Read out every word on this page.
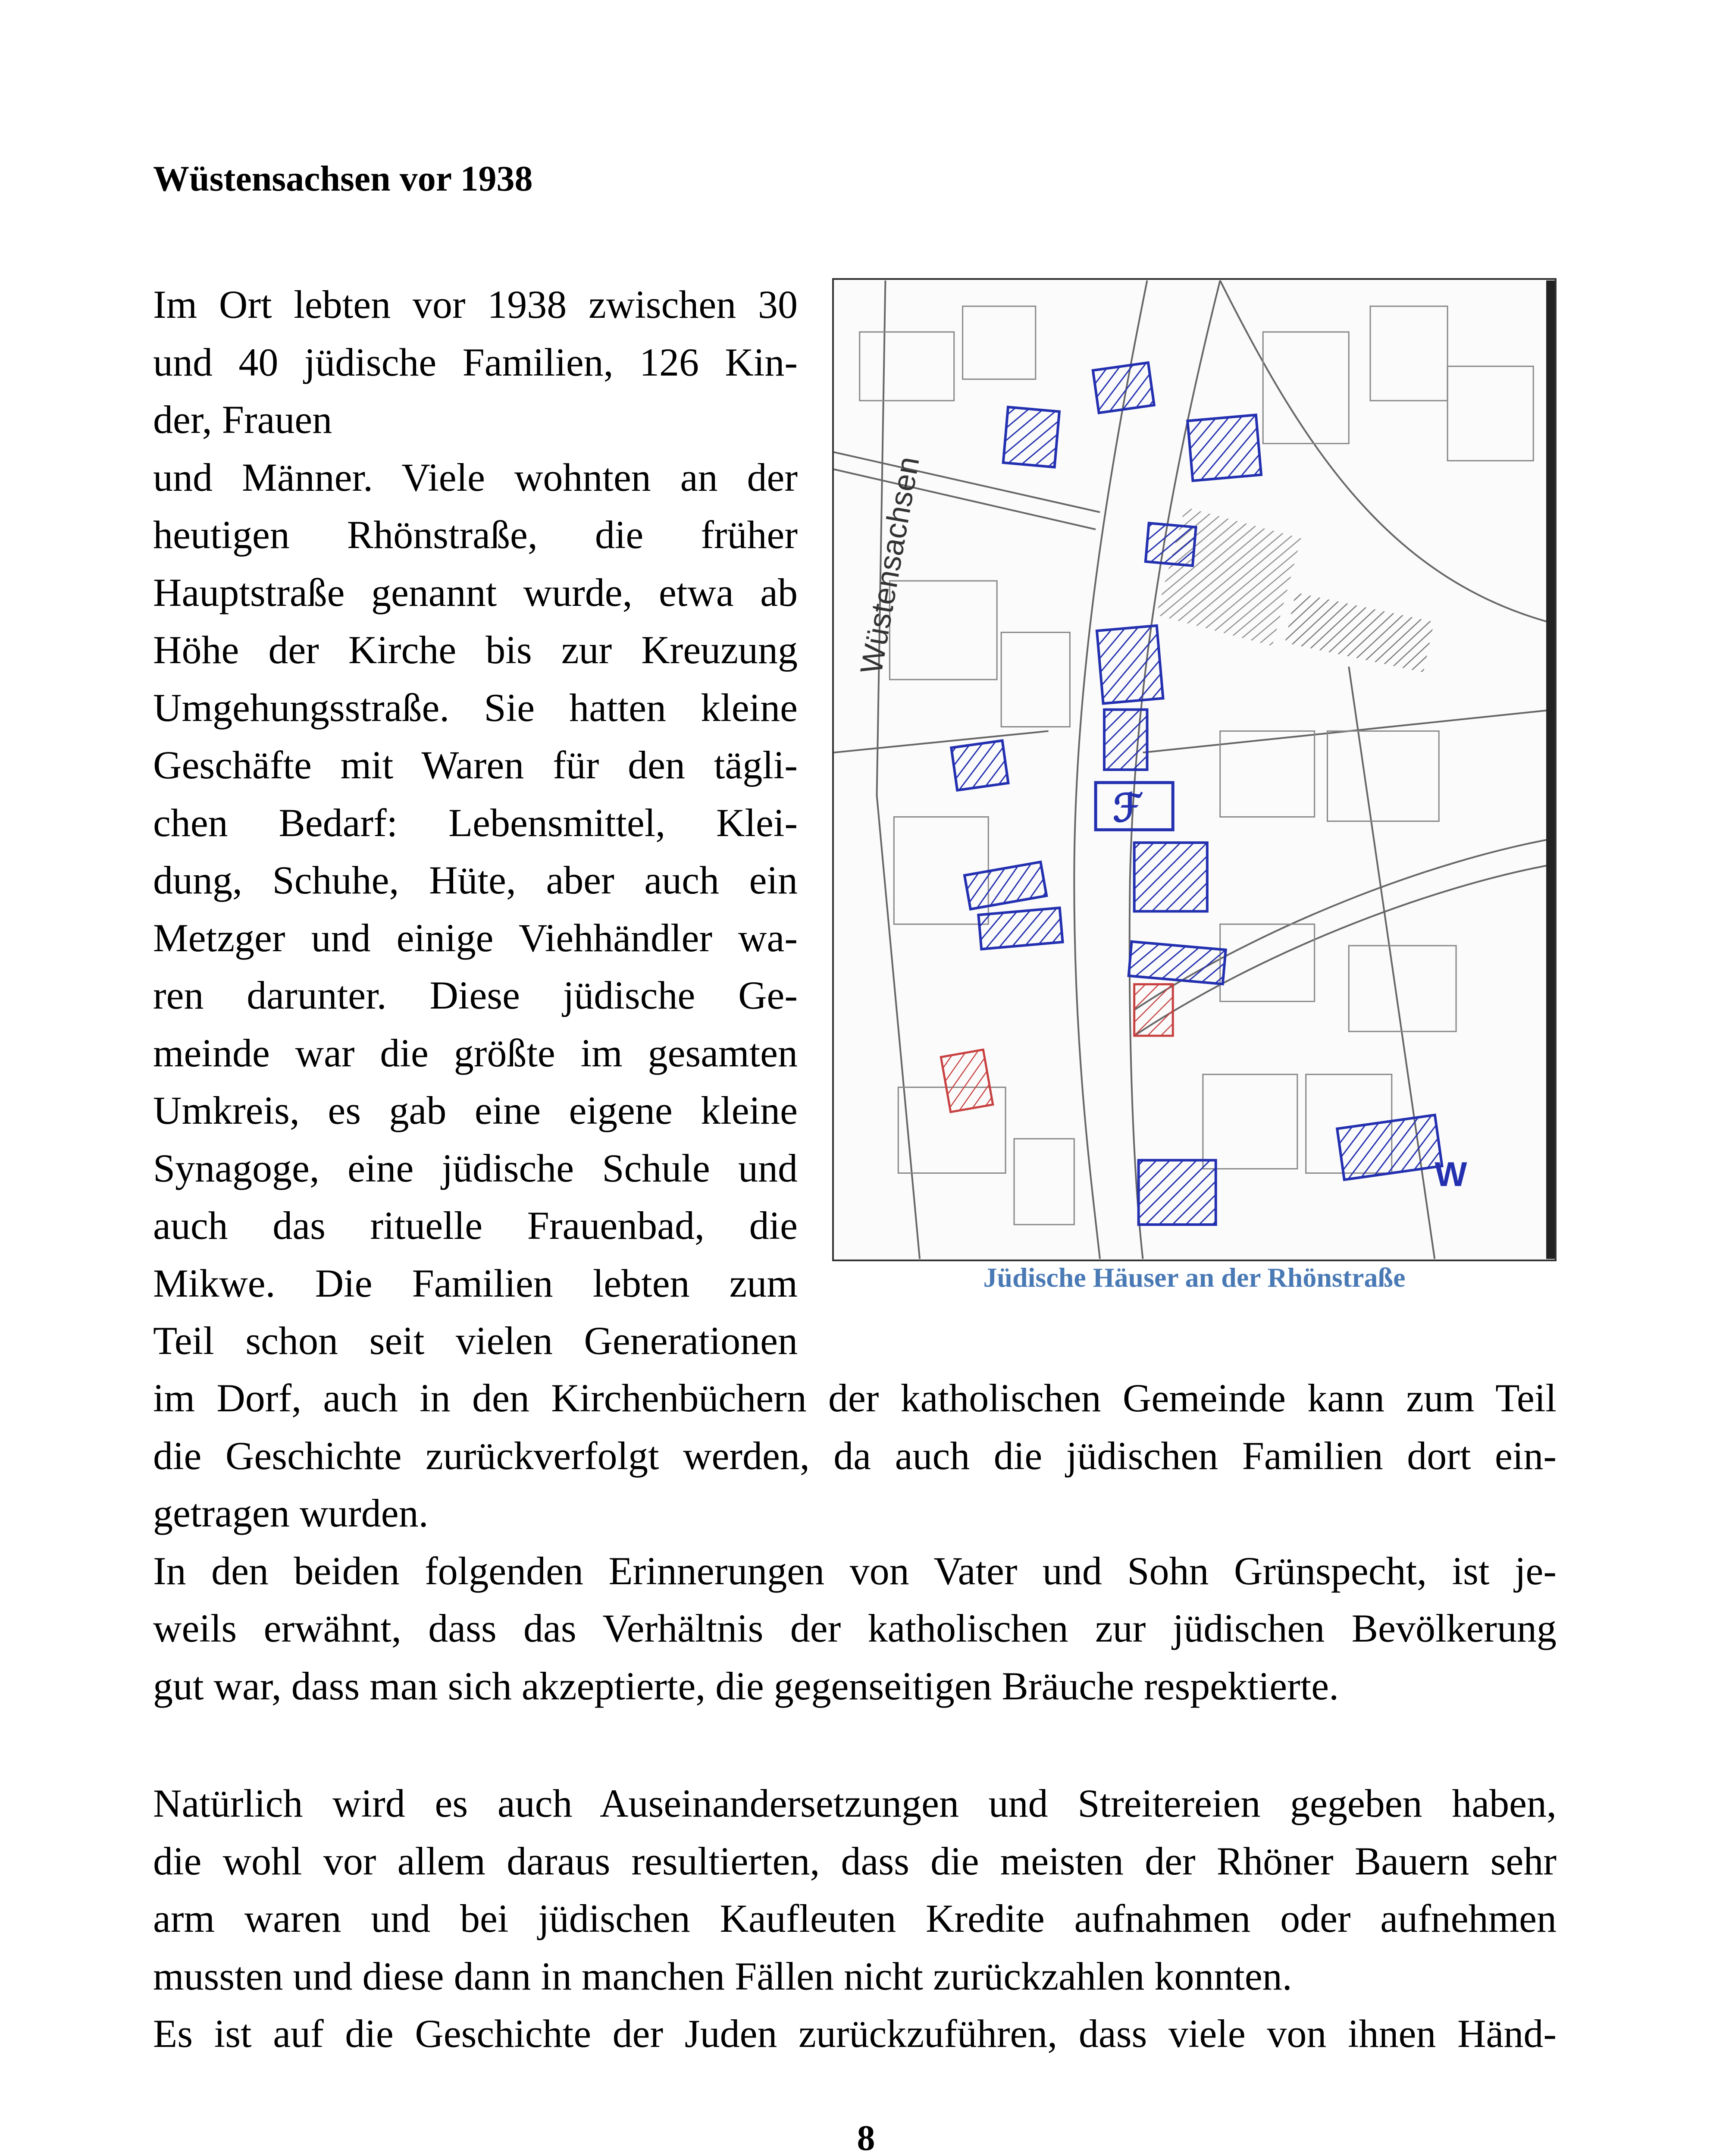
Wüstensachsen vor 1938
Im Ort lebten vor 1938 zwischen 30
und 40 jüdische Familien, 126 Kin-
der, Frauen
und Männer. Viele wohnten an der
heutigen Rhönstraße, die früher
Hauptstraße genannt wurde, etwa ab
Höhe der Kirche bis zur Kreuzung
Umgehungsstraße. Sie hatten kleine
Geschäfte mit Waren für den tägli-
chen Bedarf: Lebensmittel, Klei-
dung, Schuhe, Hüte, aber auch ein
Metzger und einige Viehhändler wa-
ren darunter. Diese jüdische Ge-
meinde war die größte im gesamten
Umkreis, es gab eine eigene kleine
Synagoge, eine jüdische Schule und
auch das rituelle Frauenbad, die
Mikwe. Die Familien lebten zum
Teil schon seit vielen Generationen
im Dorf, auch in den Kirchenbüchern der katholischen Gemeinde kann zum Teil
die Geschichte zurückverfolgt werden, da auch die jüdischen Familien dort ein-
getragen wurden.
In den beiden folgenden Erinnerungen von Vater und Sohn Grünspecht, ist je-
weils erwähnt, dass das Verhältnis der katholischen zur jüdischen Bevölkerung
gut war, dass man sich akzeptierte, die gegenseitigen Bräuche respektierte.
Natürlich wird es auch Auseinandersetzungen und Streitereien gegeben haben,
die wohl vor allem daraus resultierten, dass die meisten der Rhöner Bauern sehr
arm waren und bei jüdischen Kaufleuten Kredite aufnahmen oder aufnehmen
mussten und diese dann in manchen Fällen nicht zurückzahlen konnten.
Es ist auf die Geschichte der Juden zurückzuführen, dass viele von ihnen Händ-
ℱ
W
Wüstensachsen
Jüdische Häuser an der Rhönstraße
8
